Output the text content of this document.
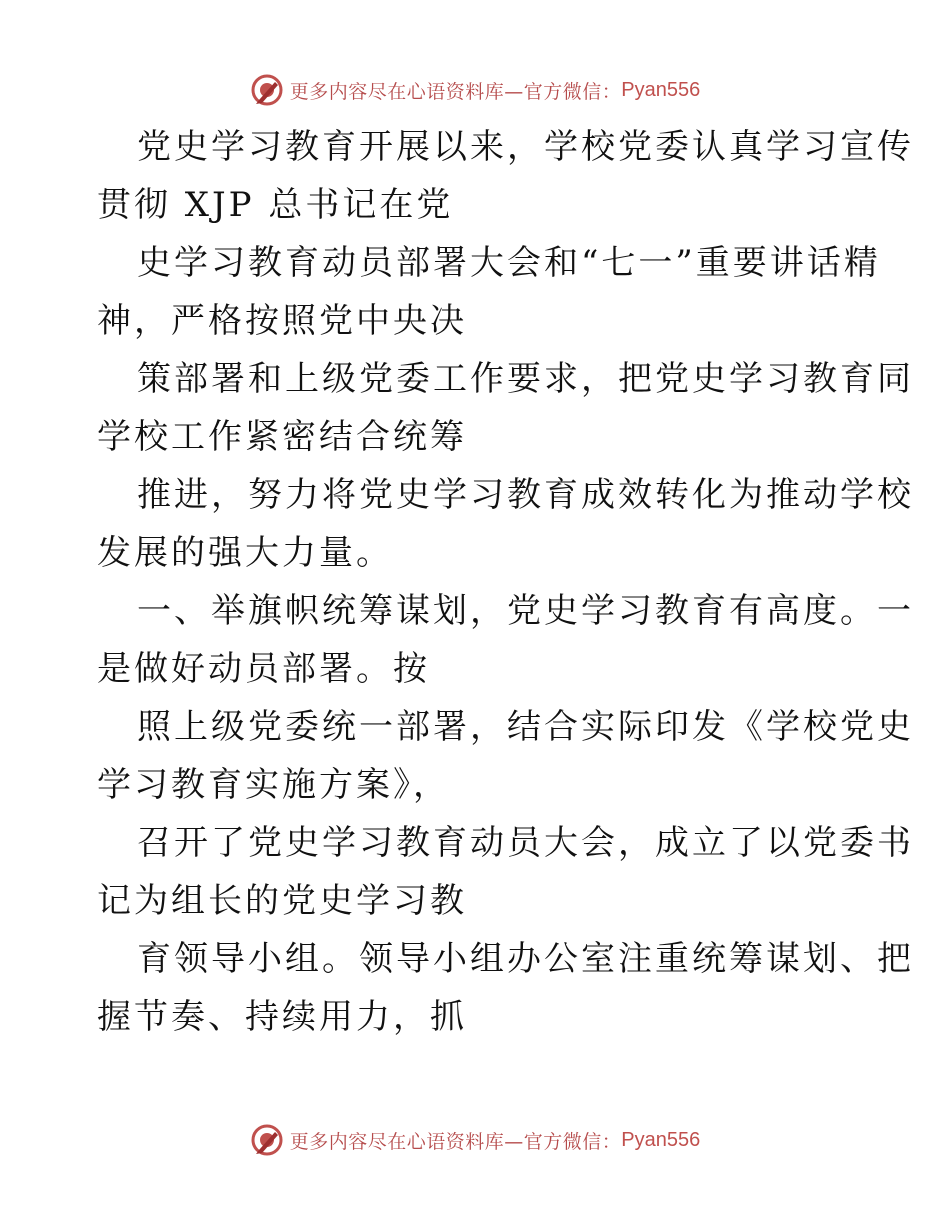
更多内容尽在心语资料库—官方微信： Pyan556
党史学习教育开展以来，学校党委认真学习宣传
贯彻 XJP 总书记在党
史学习教育动员部署大会和“七一”重要讲话精
神，严格按照党中央决
策部署和上级党委工作要求，把党史学习教育同
学校工作紧密结合统筹
推进，努力将党史学习教育成效转化为推动学校
发展的强大力量。
一、举旗帜统筹谋划，党史学习教育有高度。一
是做好动员部署。按
照上级党委统一部署，结合实际印发《学校党史
学习教育实施方案》，
召开了党史学习教育动员大会，成立了以党委书
记为组长的党史学习教
育领导小组。领导小组办公室注重统筹谋划、把
握节奏、持续用力，抓
更多内容尽在心语资料库—官方微信： Pyan556
